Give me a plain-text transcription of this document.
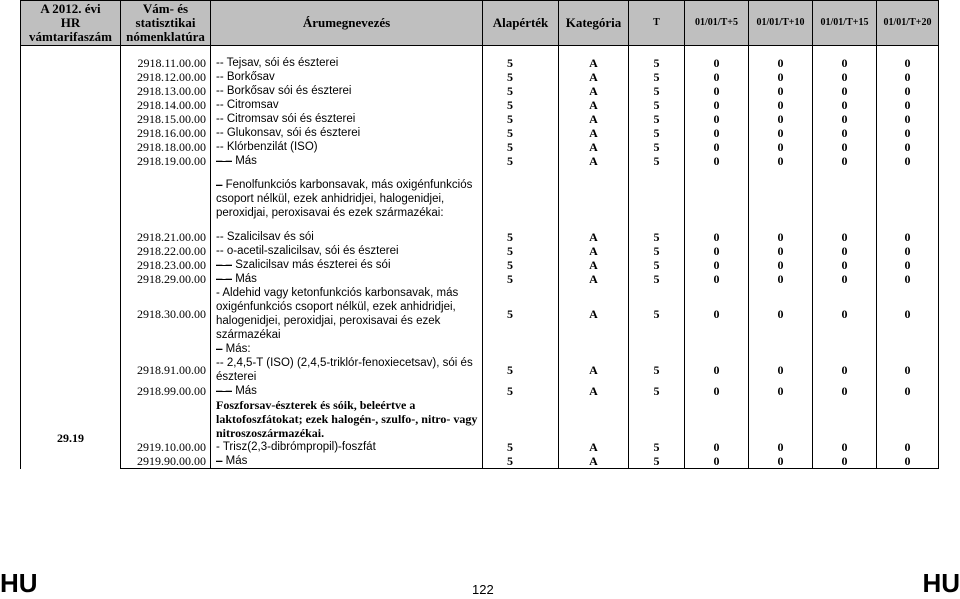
A 2012. évi
HR
vámtarifaszám	Vám- és
statisztikai
nómenklatúra	Árumegnevezés	Alapérték	Kategória	T	01/01/T+5	01/01/T+10	01/01/T+15	01/01/T+20

29.19									

	2918.11.00.00	-- Tejsav, sói és észterei	5	A	5	0	0	0	0
	2918.12.00.00	-- Borkősav	5	A	5	0	0	0	0
	2918.13.00.00	-- Borkősav sói és észterei	5	A	5	0	0	0	0
	2918.14.00.00	-- Citromsav	5	A	5	0	0	0	0
	2918.15.00.00	-- Citromsav sói és észterei	5	A	5	0	0	0	0
	2918.16.00.00	-- Glukonsav, sói és észterei	5	A	5	0	0	0	0
	2918.18.00.00	-- Klórbenzilát (ISO)	5	A	5	0	0	0	0
	2918.19.00.00	– – Más	5	A	5	0	0	0	0

		– Fenolfunkciós karbonsavak, más oxigénfunkciós csoport nélkül, ezek anhidridjei, halogenidjei, peroxidjai, peroxisavai és ezek származékai:							

	2918.21.00.00	-- Szalicilsav és sói	5	A	5	0	0	0	0
	2918.22.00.00	-- o-acetil-szalicilsav, sói és észterei	5	A	5	0	0	0	0
	2918.23.00.00	– – Szalicilsav más észterei és sói	5	A	5	0	0	0	0
	2918.29.00.00	– – Más	5	A	5	0	0	0	0
	2918.30.00.00	- Aldehid vagy ketonfunkciós karbonsavak, más oxigénfunkciós csoport nélkül, ezek anhidridjei, halogenidjei, peroxidjai, peroxisavai és ezek származékai	5	A	5	0	0	0	0
		– Más:							
	2918.91.00.00	-- 2,4,5-T (ISO) (2,4,5-triklór-fenoxiecetsav), sói és észterei	5	A	5	0	0	0	0
	2918.99.00.00	– – Más	5	A	5	0	0	0	0
		Foszforsav-észterek és sóik, beleértve a laktofoszfátokat; ezek halogén-, szulfo-, nitro- vagy nitroszoszármazékai.							
	2919.10.00.00	- Trisz(2,3-dibrómpropil)-foszfát	5	A	5	0	0	0	0
	2919.90.00.00	– Más	5	A	5	0	0	0	0
HU	122	HU
